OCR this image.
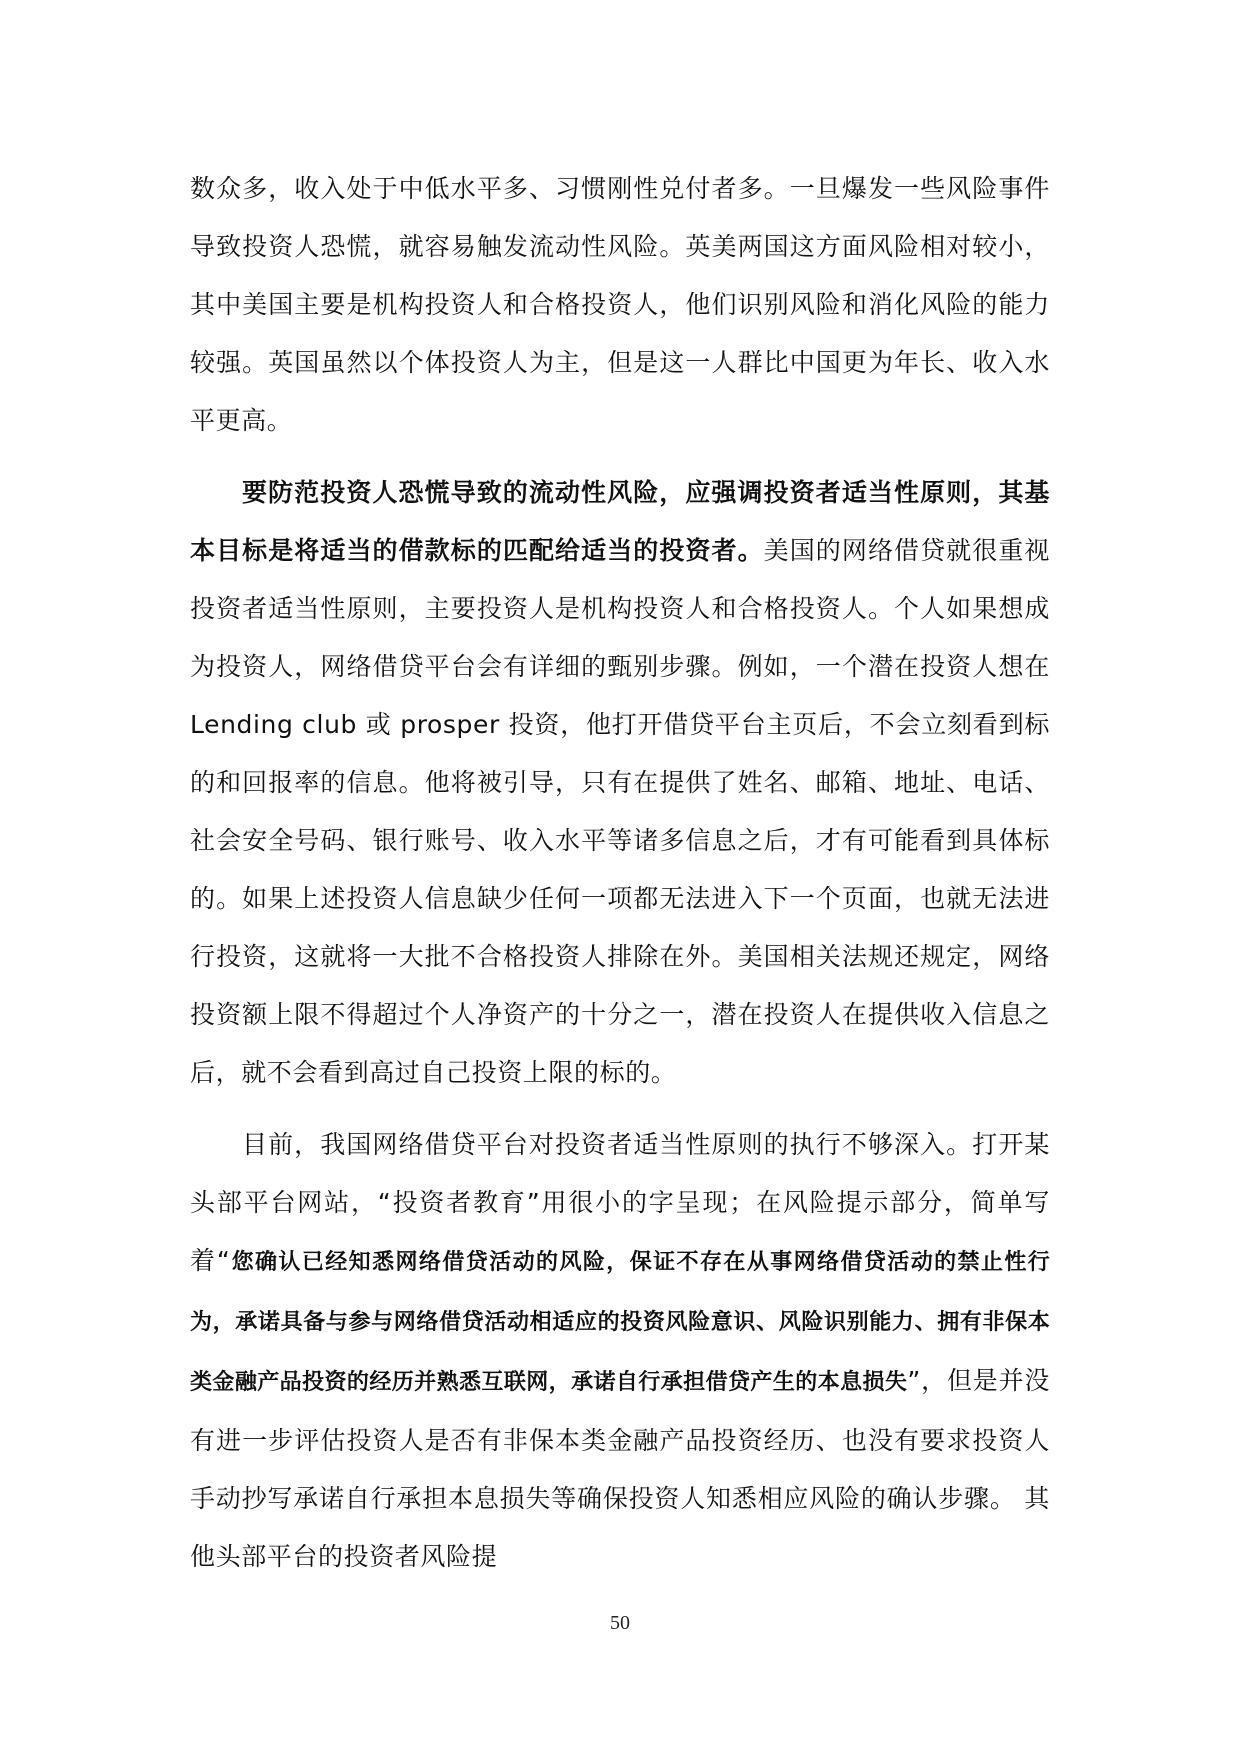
数众多，收入处于中低水平多、习惯刚性兑付者多。一旦爆发一些风险事件导致投资人恐慌，就容易触发流动性风险。英美两国这方面风险相对较小，其中美国主要是机构投资人和合格投资人，他们识别风险和消化风险的能力较强。英国虽然以个体投资人为主，但是这一人群比中国更为年长、收入水平更高。

要防范投资人恐慌导致的流动性风险，应强调投资者适当性原则，其基本目标是将适当的借款标的匹配给适当的投资者。美国的网络借贷就很重视投资者适当性原则，主要投资人是机构投资人和合格投资人。个人如果想成为投资人，网络借贷平台会有详细的甄别步骤。例如，一个潜在投资人想在 Lending club 或 prosper 投资，他打开借贷平台主页后，不会立刻看到标的和回报率的信息。他将被引导，只有在提供了姓名、邮箱、地址、电话、社会安全号码、银行账号、收入水平等诸多信息之后，才有可能看到具体标的。如果上述投资人信息缺少任何一项都无法进入下一个页面，也就无法进行投资，这就将一大批不合格投资人排除在外。美国相关法规还规定，网络投资额上限不得超过个人净资产的十分之一，潜在投资人在提供收入信息之后，就不会看到高过自己投资上限的标的。

目前，我国网络借贷平台对投资者适当性原则的执行不够深入。打开某头部平台网站，“投资者教育”用很小的字呈现；在风险提示部分，简单写着“您确认已经知悉网络借贷活动的风险，保证不存在从事网络借贷活动的禁止性行为，承诺具备与参与网络借贷活动相适应的投资风险意识、风险识别能力、拥有非保本类金融产品投资的经历并熟悉互联网，承诺自行承担借贷产生的本息损失”，但是并没有进一步评估投资人是否有非保本类金融产品投资经历、也没有要求投资人手动抄写承诺自行承担本息损失等确保投资人知悉相应风险的确认步骤。 其他头部平台的投资者风险提

50
